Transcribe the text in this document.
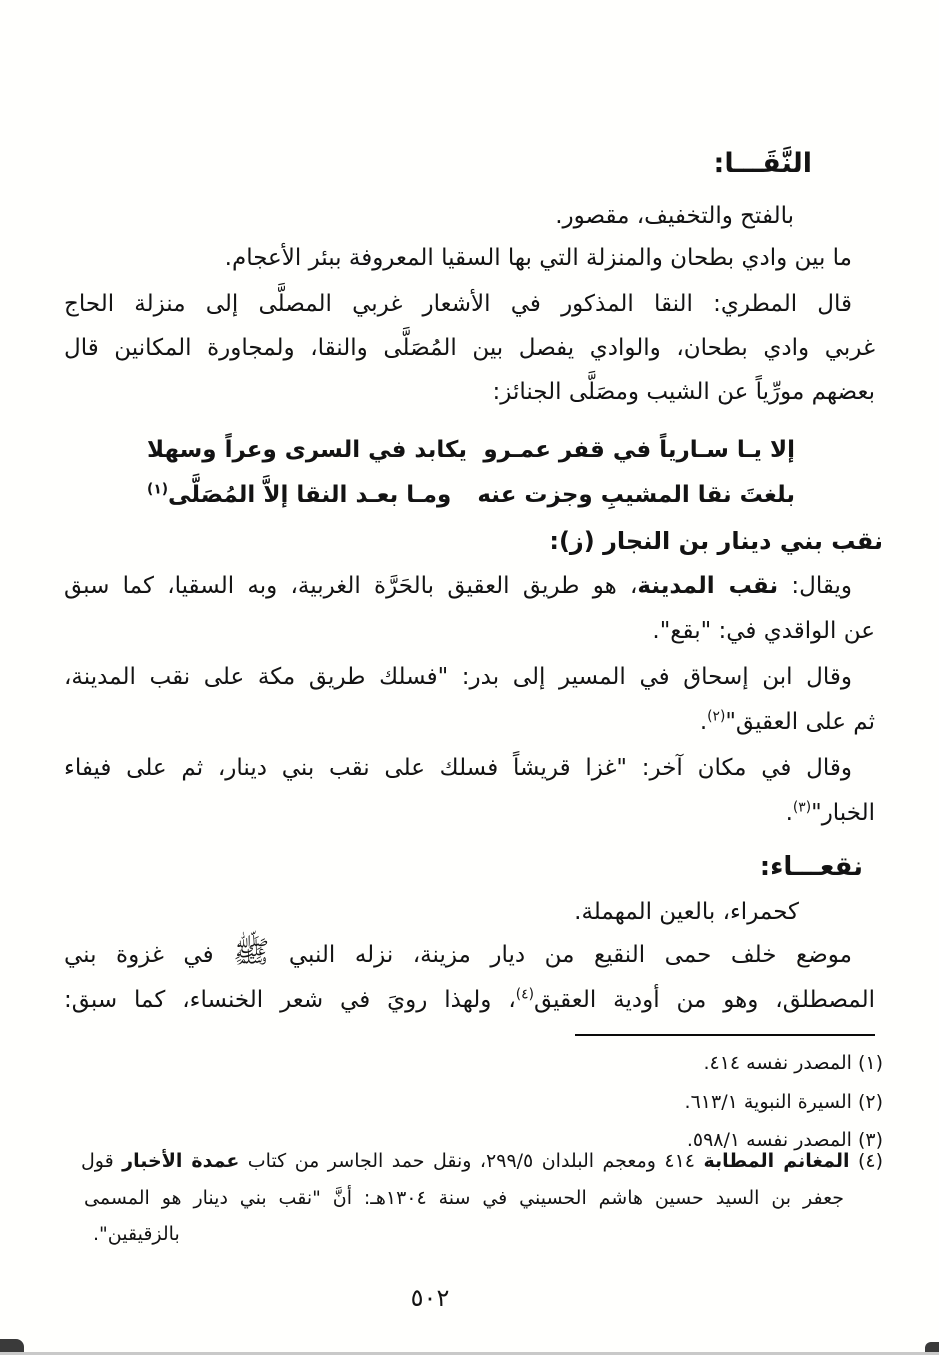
النَّقَـــا:
بالفتح والتخفيف، مقصور.
ما بين وادي بطحان والمنزلة التي بها السقيا المعروفة ببئر الأعجام.
قال المطري: النقا المذكور في الأشعار غربي المصلَّى إلى منزلة الحاج
غربي وادي بطحان، والوادي يفصل بين المُصَلَّى والنقا، ولمجاورة المكانين قال
بعضهم مورِّياً عن الشيب ومصَلَّى الجنائز:
إلا يـا سـارياً في قفر عمـرو
يكابد في السرى وعراً وسهلا
بلغتَ نقا المشيبِ وجزت عنه
ومـا بعـد النقا إلاَّ المُصَلَّى$^{(١)}$
نقب بني دينار بن النجار (ز):
ويقال: نقب المدينة، هو طريق العقيق بالحَرَّة الغربية، وبه السقيا، كما سبق
عن الواقدي في: "بقع".
وقال ابن إسحاق في المسير إلى بدر: "فسلك طريق مكة على نقب المدينة،
ثم على العقيق"$^{(٢)}$.
وقال في مكان آخر: "غزا قريشاً فسلك على نقب بني دينار، ثم على فيفاء
الخبار"$^{(٣)}$.
نقعـــاء:
كحمراء، بالعين المهملة.
موضع خلف حمى النقيع من ديار مزينة، نزله النبي ﷺ في غزوة بني
المصطلق، وهو من أودية العقيق$^{(٤)}$، ولهذا رويَ في شعر الخنساء، كما سبق:
(١) المصدر نفسه ٤١٤.
(٢) السيرة النبوية ٦١٣/١.
(٣) المصدر نفسه ٥٩٨/١.
(٤) المغانم المطابة ٤١٤ ومعجم البلدان ٢٩٩/٥، ونقل حمد الجاسر من كتاب عمدة الأخبار قول
جعفر بن السيد حسين هاشم الحسيني في سنة ١٣٠٤هـ: أنَّ "نقب بني دينار هو المسمى
بالزقيقين".
٥٠٢
